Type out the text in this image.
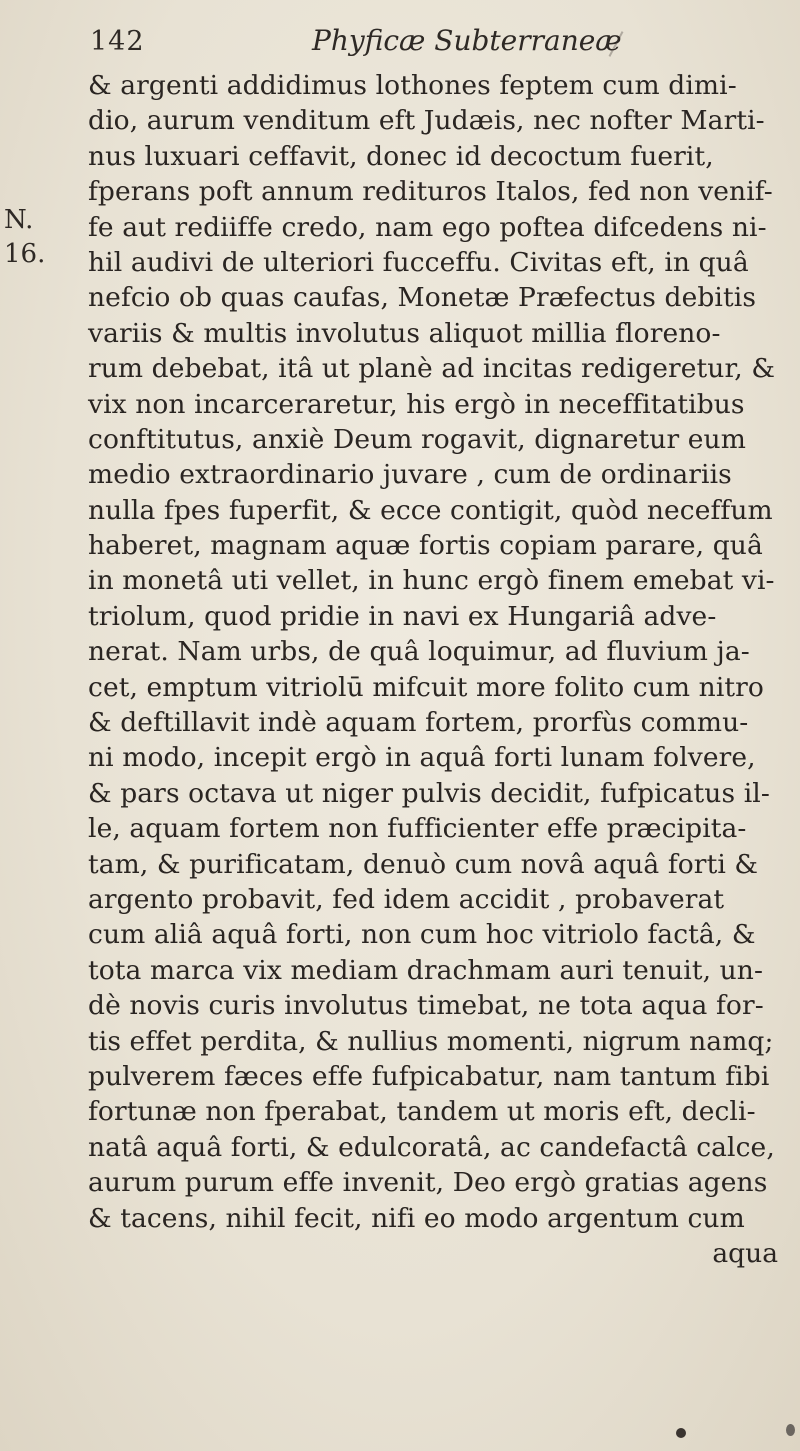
142	Phyficæ Subterraneæ
N.
16.
& argenti addidimus lothones feptem cum dimi-
dio, aurum venditum eft Judæis, nec nofter Marti-
nus luxuari ceffavit, donec id decoctum fuerit,
fperans poft annum redituros Italos, fed non venif-
fe aut rediiffe credo, nam ego poftea difcedens ni-
hil audivi de ulteriori fucceffu. Civitas eft, in quâ
nefcio ob quas caufas, Monetæ Præfectus debitis
variis & multis involutus aliquot millia floreno-
rum debebat, itâ ut planè ad incitas redigeretur, &
vix non incarceraretur, his ergò in neceffitatibus
conftitutus, anxiè Deum rogavit, dignaretur eum
medio extraordinario juvare , cum de ordinariis
nulla fpes fuperfit, & ecce contigit, quòd neceffum
haberet, magnam aquæ fortis copiam parare, quâ
in monetâ uti vellet, in hunc ergò finem emebat vi-
triolum, quod pridie in navi ex Hungariâ adve-
nerat. Nam urbs, de quâ loquimur, ad fluvium ja-
cet, emptum vitriolū mifcuit more folito cum nitro
& deftillavit indè aquam fortem, prorfùs commu-
ni modo, incepit ergò in aquâ forti lunam folvere,
& pars octava ut niger pulvis decidit, fufpicatus il-
le, aquam fortem non fufficienter effe præcipita-
tam, & purificatam, denuò cum novâ aquâ forti &
argento probavit, fed idem accidit , probaverat
cum aliâ aquâ forti, non cum hoc vitriolo factâ, &
tota marca vix mediam drachmam auri tenuit, un-
dè novis curis involutus timebat, ne tota aqua for-
tis effet perdita, & nullius momenti, nigrum namq;
pulverem fæces effe fufpicabatur, nam tantum fibi
fortunæ non fperabat, tandem ut moris eft, decli-
natâ aquâ forti, & edulcoratâ, ac candefactâ calce,
aurum purum effe invenit, Deo ergò gratias agens
& tacens, nihil fecit, nifi eo modo argentum cum
aqua
